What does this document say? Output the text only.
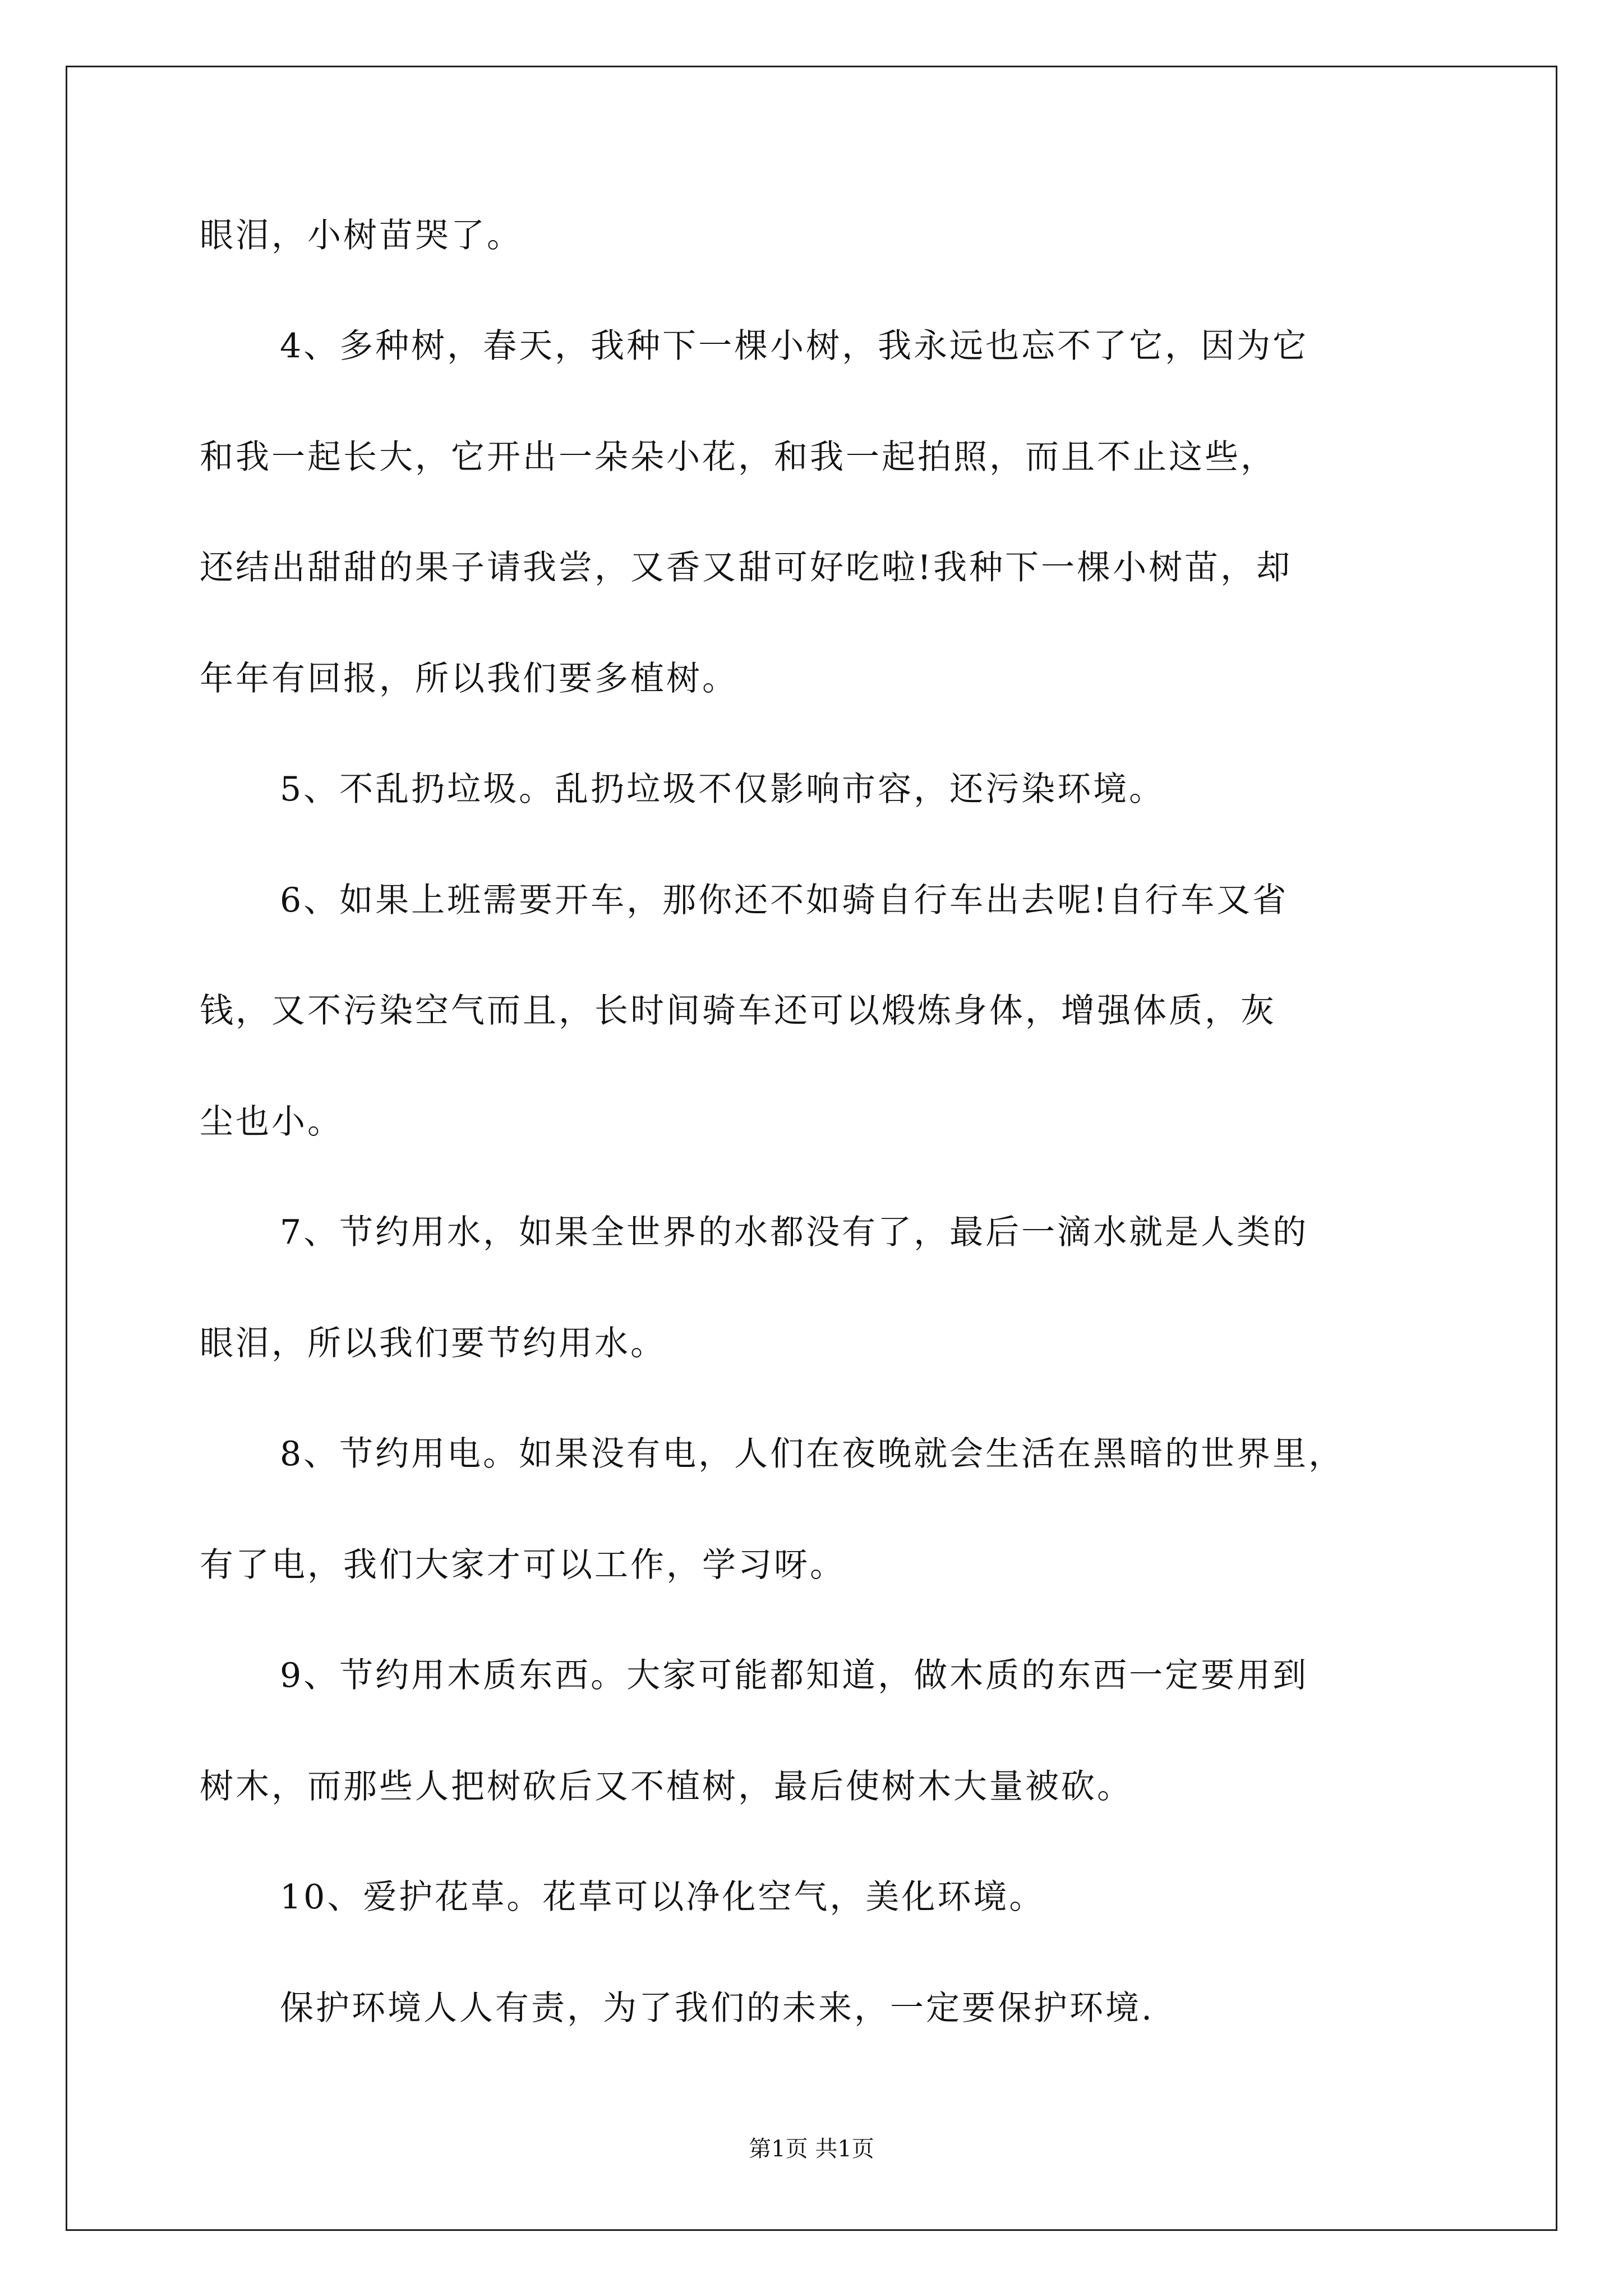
眼泪，小树苗哭了。
4、多种树，春天，我种下一棵小树，我永远也忘不了它，因为它
和我一起长大，它开出一朵朵小花，和我一起拍照，而且不止这些，
还结出甜甜的果子请我尝，又香又甜可好吃啦!我种下一棵小树苗，却
年年有回报，所以我们要多植树。
5、不乱扔垃圾。乱扔垃圾不仅影响市容，还污染环境。
6、如果上班需要开车，那你还不如骑自行车出去呢!自行车又省
钱，又不污染空气而且，长时间骑车还可以煅炼身体，增强体质，灰
尘也小。
7、节约用水，如果全世界的水都没有了，最后一滴水就是人类的
眼泪，所以我们要节约用水。
8、节约用电。如果没有电，人们在夜晚就会生活在黑暗的世界里，
有了电，我们大家才可以工作，学习呀。
9、节约用木质东西。大家可能都知道，做木质的东西一定要用到
树木，而那些人把树砍后又不植树，最后使树木大量被砍。
10、爱护花草。花草可以净化空气，美化环境。
保护环境人人有责，为了我们的未来，一定要保护环境.
第1页 共1页
